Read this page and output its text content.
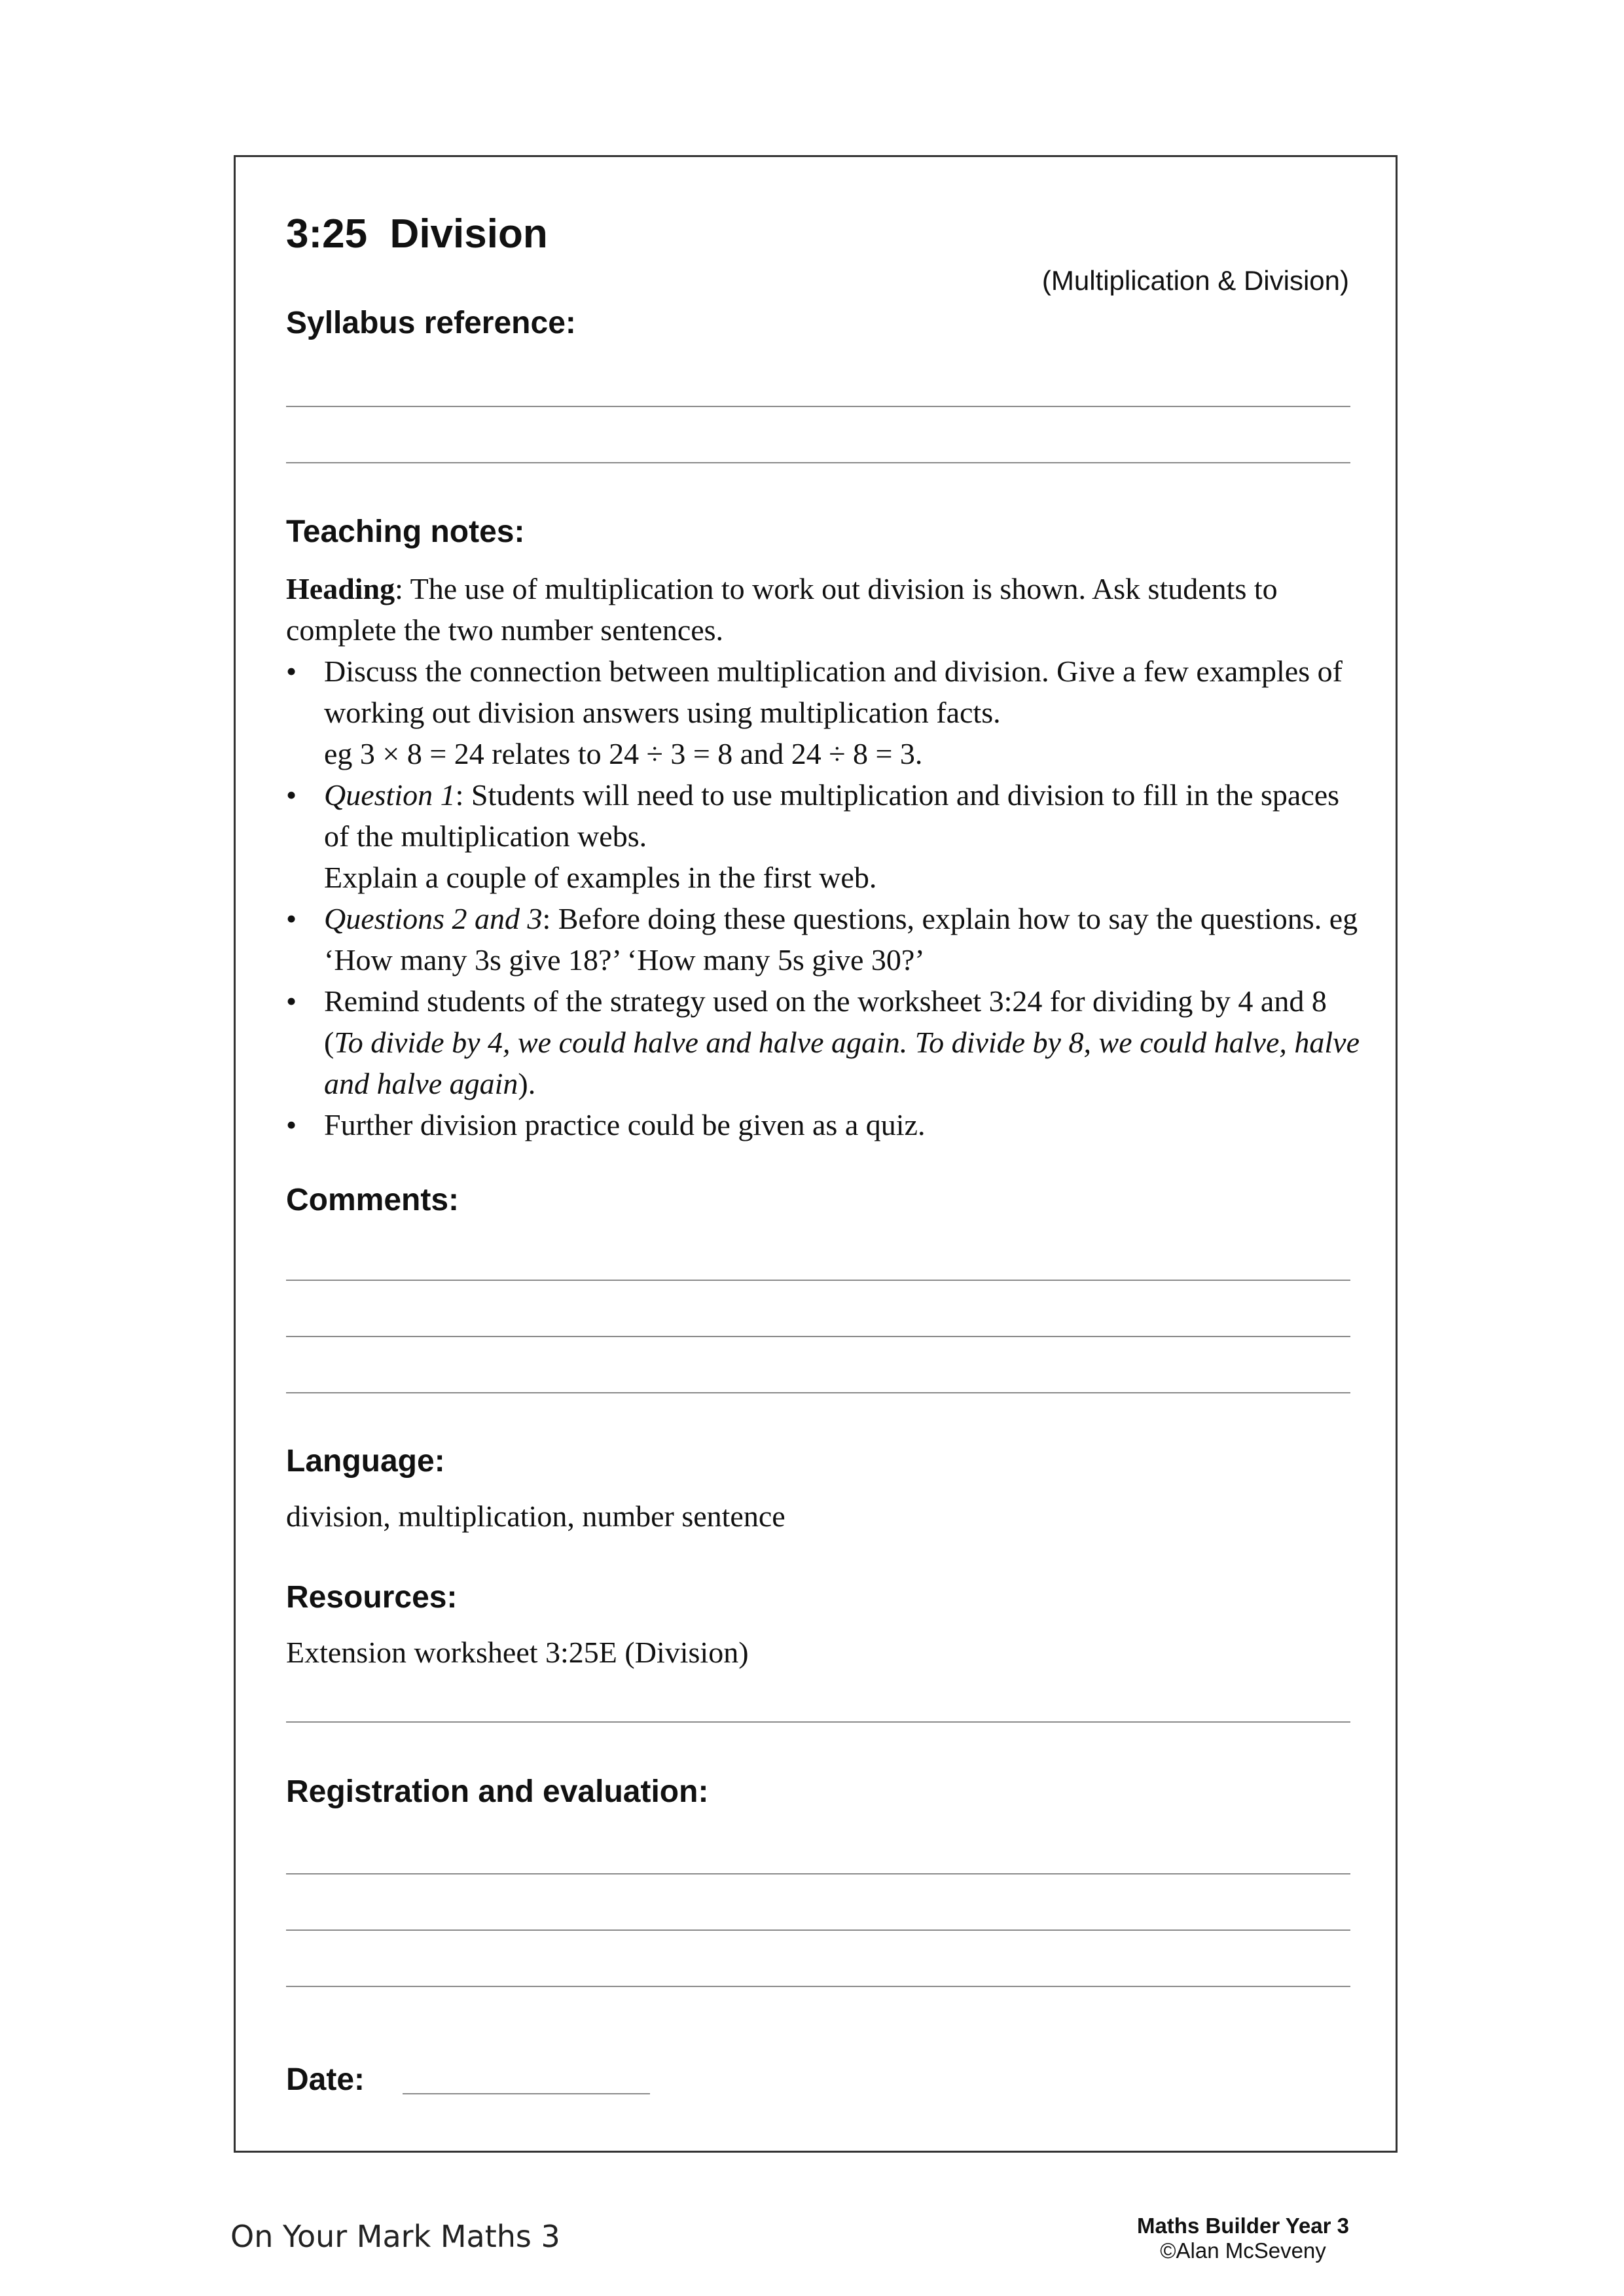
3:25  Division
(Multiplication & Division)
Syllabus reference:
Teaching notes:

Heading: The use of multiplication to work out division is shown. Ask students to complete the two number sentences.

• Discuss the connection between multiplication and division. Give a few examples of working out division answers using multiplication facts.
eg 3 × 8 = 24 relates to 24 ÷ 3 = 8 and 24 ÷ 8 = 3.
• Question 1: Students will need to use multiplication and division to fill in the spaces of the multiplication webs.
Explain a couple of examples in the first web.
• Questions 2 and 3: Before doing these questions, explain how to say the questions. eg ‘How many 3s give 18?’ ‘How many 5s give 30?’
• Remind students of the strategy used on the worksheet 3:24 for dividing by 4 and 8 (To divide by 4, we could halve and halve again. To divide by 8, we could halve, halve and halve again).
• Further division practice could be given as a quiz.
Comments:
Language:
division, multiplication, number sentence
Resources:
Extension worksheet 3:25E (Division)
Registration and evaluation:
Date:
On Your Mark Maths 3	Maths Builder Year 3
©Alan McSeveny
